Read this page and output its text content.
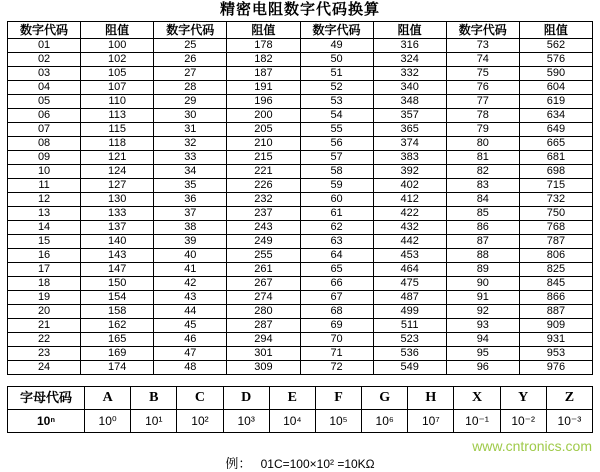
精密电阻数字代码换算
数字代码	阻值	数字代码	阻值	数字代码	阻值	数字代码	阻值
01	100	25	178	49	316	73	562
02	102	26	182	50	324	74	576
03	105	27	187	51	332	75	590
04	107	28	191	52	340	76	604
05	110	29	196	53	348	77	619
06	113	30	200	54	357	78	634
07	115	31	205	55	365	79	649
08	118	32	210	56	374	80	665
09	121	33	215	57	383	81	681
10	124	34	221	58	392	82	698
11	127	35	226	59	402	83	715
12	130	36	232	60	412	84	732
13	133	37	237	61	422	85	750
14	137	38	243	62	432	86	768
15	140	39	249	63	442	87	787
16	143	40	255	64	453	88	806
17	147	41	261	65	464	89	825
18	150	42	267	66	475	90	845
19	154	43	274	67	487	91	866
20	158	44	280	68	499	92	887
21	162	45	287	69	511	93	909
22	165	46	294	70	523	94	931
23	169	47	301	71	536	95	953
24	174	48	309	72	549	96	976
字母代码	A	B	C	D	E	F	G	H	X	Y	Z
10ⁿ	10⁰	10¹	10²	10³	10⁴	10⁵	10⁶	10⁷	10⁻¹	10⁻²	10⁻³
例： 01C=100×10² =10KΩ
www.cntronics.com
